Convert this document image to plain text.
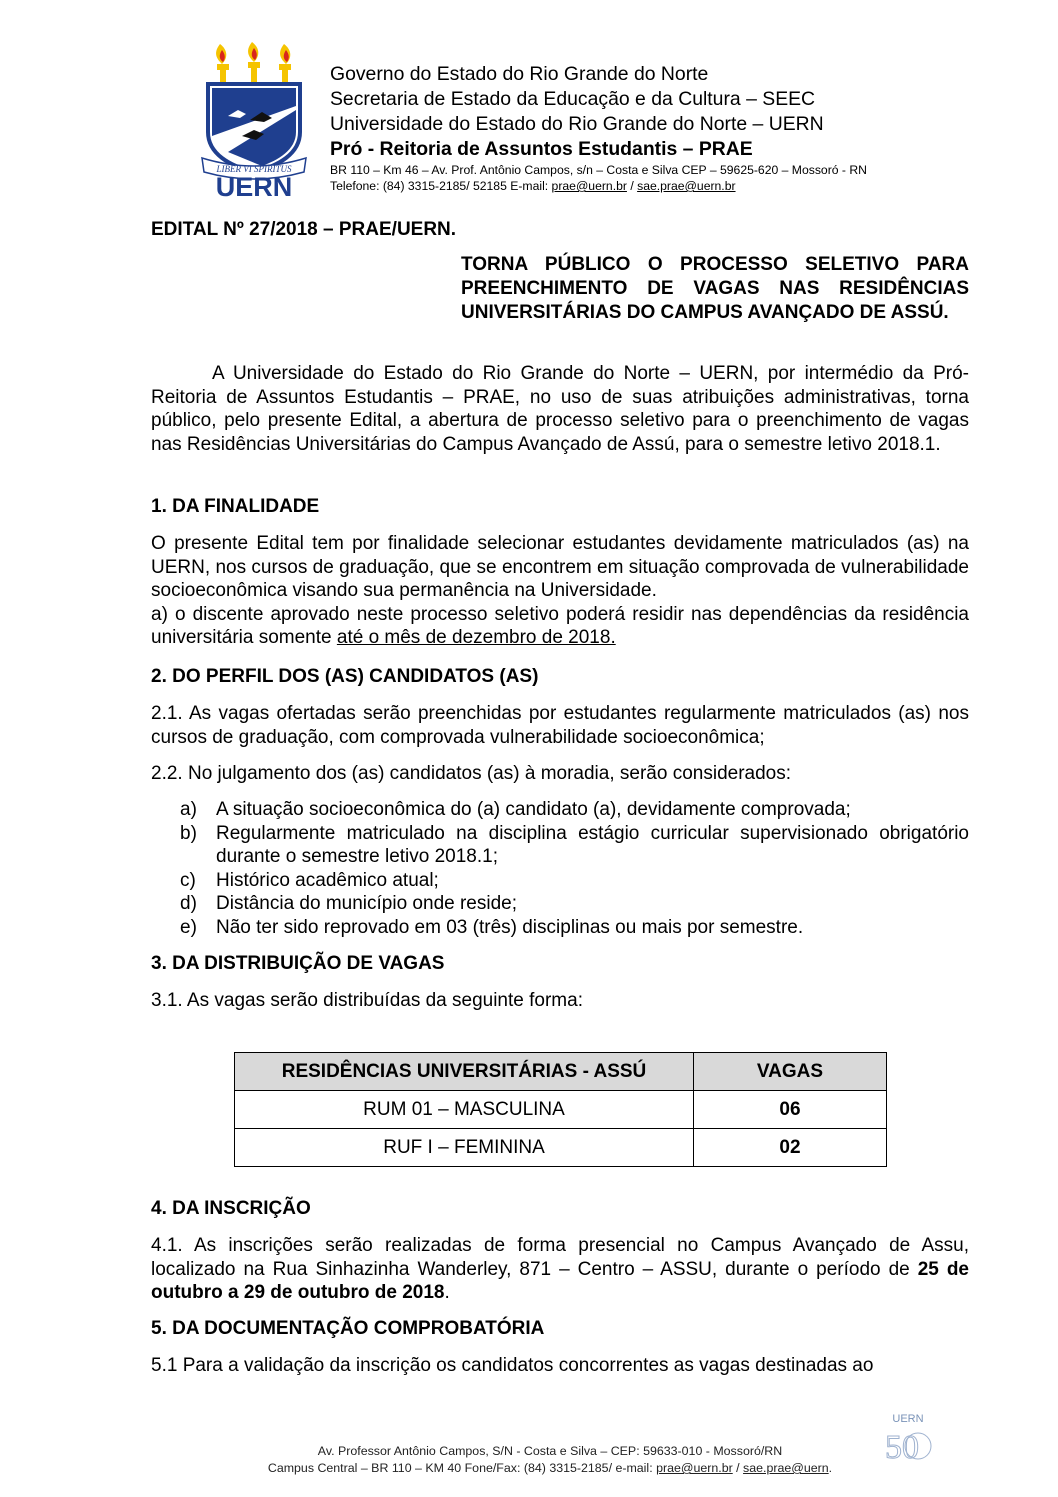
LIBER VI SPIRITUS
UERN
Governo do Estado do Rio Grande do Norte
Secretaria de Estado da Educação e da Cultura – SEEC
Universidade do Estado do Rio Grande do Norte – UERN
Pró - Reitoria de Assuntos Estudantis – PRAE
BR 110 – Km 46 – Av. Prof. Antônio Campos, s/n – Costa e Silva CEP – 59625-620 – Mossoró - RN
Telefone: (84) 3315-2185/ 52185 E-mail: prae@uern.br / sae.prae@uern.br
EDITAL Nº 27/2018 – PRAE/UERN.
TORNA PÚBLICO O PROCESSO SELETIVO PARA PREENCHIMENTO DE VAGAS NAS RESIDÊNCIAS UNIVERSITÁRIAS DO CAMPUS AVANÇADO DE ASSÚ.
A Universidade do Estado do Rio Grande do Norte – UERN, por intermédio da Pró-Reitoria de Assuntos Estudantis – PRAE, no uso de suas atribuições administrativas, torna público, pelo presente Edital, a abertura de processo seletivo para o preenchimento de vagas nas Residências Universitárias do Campus Avançado de Assú, para o semestre letivo 2018.1.
1. DA FINALIDADE
O presente Edital tem por finalidade selecionar estudantes devidamente matriculados (as) na UERN, nos cursos de graduação, que se encontrem em situação comprovada de vulnerabilidade socioeconômica visando sua permanência na Universidade.
a) o discente aprovado neste processo seletivo poderá residir nas dependências da residência universitária somente até o mês de dezembro de 2018.
2. DO PERFIL DOS (AS) CANDIDATOS (AS)
2.1. As vagas ofertadas serão preenchidas por estudantes regularmente matriculados (as) nos cursos de graduação, com comprovada vulnerabilidade socioeconômica;
2.2. No julgamento dos (as) candidatos (as) à moradia, serão considerados:
a)	A situação socioeconômica do (a) candidato (a), devidamente comprovada;
b)	Regularmente matriculado na disciplina estágio curricular supervisionado obrigatório durante o semestre letivo 2018.1;
c)	Histórico acadêmico atual;
d)	Distância do município onde reside;
e)	Não ter sido reprovado em 03 (três) disciplinas ou mais por semestre.
3. DA DISTRIBUIÇÃO DE VAGAS
3.1. As vagas serão distribuídas da seguinte forma:
RESIDÊNCIAS UNIVERSITÁRIAS - ASSÚ	VAGAS
RUM 01 – MASCULINA	06
RUF I – FEMININA	02
4. DA INSCRIÇÃO
4.1. As inscrições serão realizadas de forma presencial no Campus Avançado de Assu, localizado na Rua Sinhazinha Wanderley, 871 – Centro – ASSU, durante o período de 25 de outubro a 29 de outubro de 2018.
5. DA DOCUMENTAÇÃO COMPROBATÓRIA
5.1 Para a validação da inscrição os candidatos concorrentes as vagas destinadas ao
Av. Professor Antônio Campos, S/N - Costa e Silva – CEP: 59633-010 - Mossoró/RN
Campus Central – BR 110 – KM 40 Fone/Fax: (84) 3315-2185/ e-mail: prae@uern.br / sae.prae@uern.
UERN
50
